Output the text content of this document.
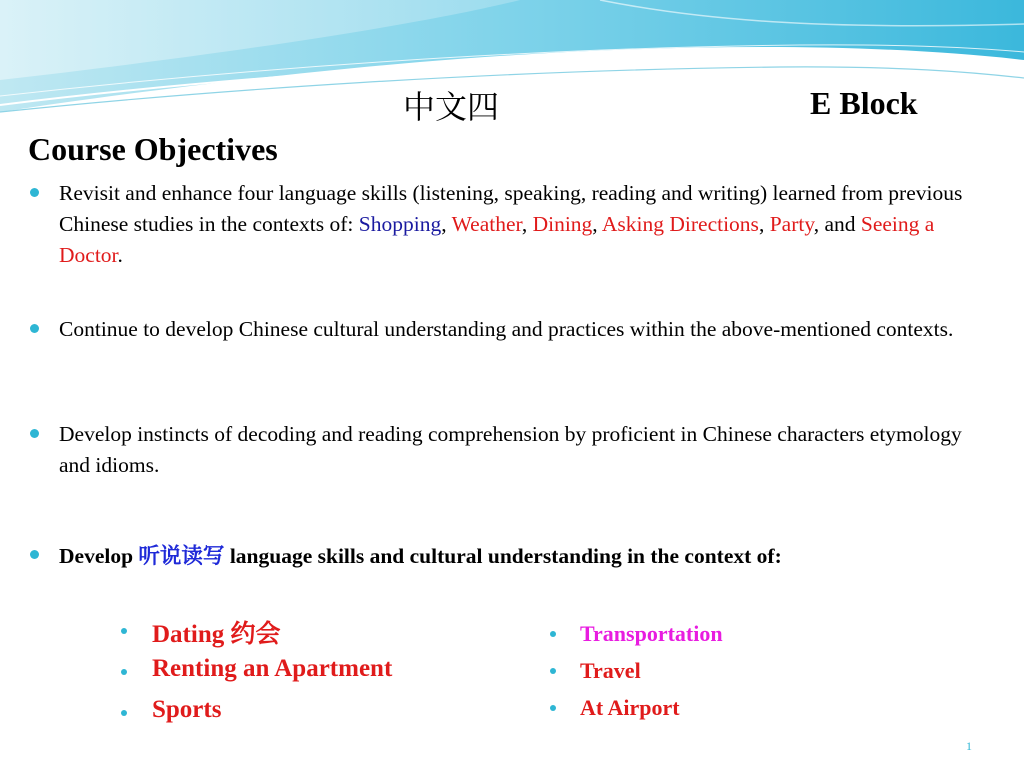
中文四	E Block
Course Objectives
Revisit and enhance four language skills (listening, speaking, reading and writing) learned from previous Chinese studies in the contexts of: Shopping, Weather, Dining, Asking Directions, Party, and Seeing a Doctor.
Continue to develop Chinese cultural understanding and practices within the above-mentioned contexts.
Develop instincts of decoding and reading comprehension by proficient in Chinese characters etymology and idioms.
Develop 听说读写 language skills and cultural understanding in the context of:
Dating 约会
Renting an Apartment
Sports
Transportation
Travel
At Airport
1
